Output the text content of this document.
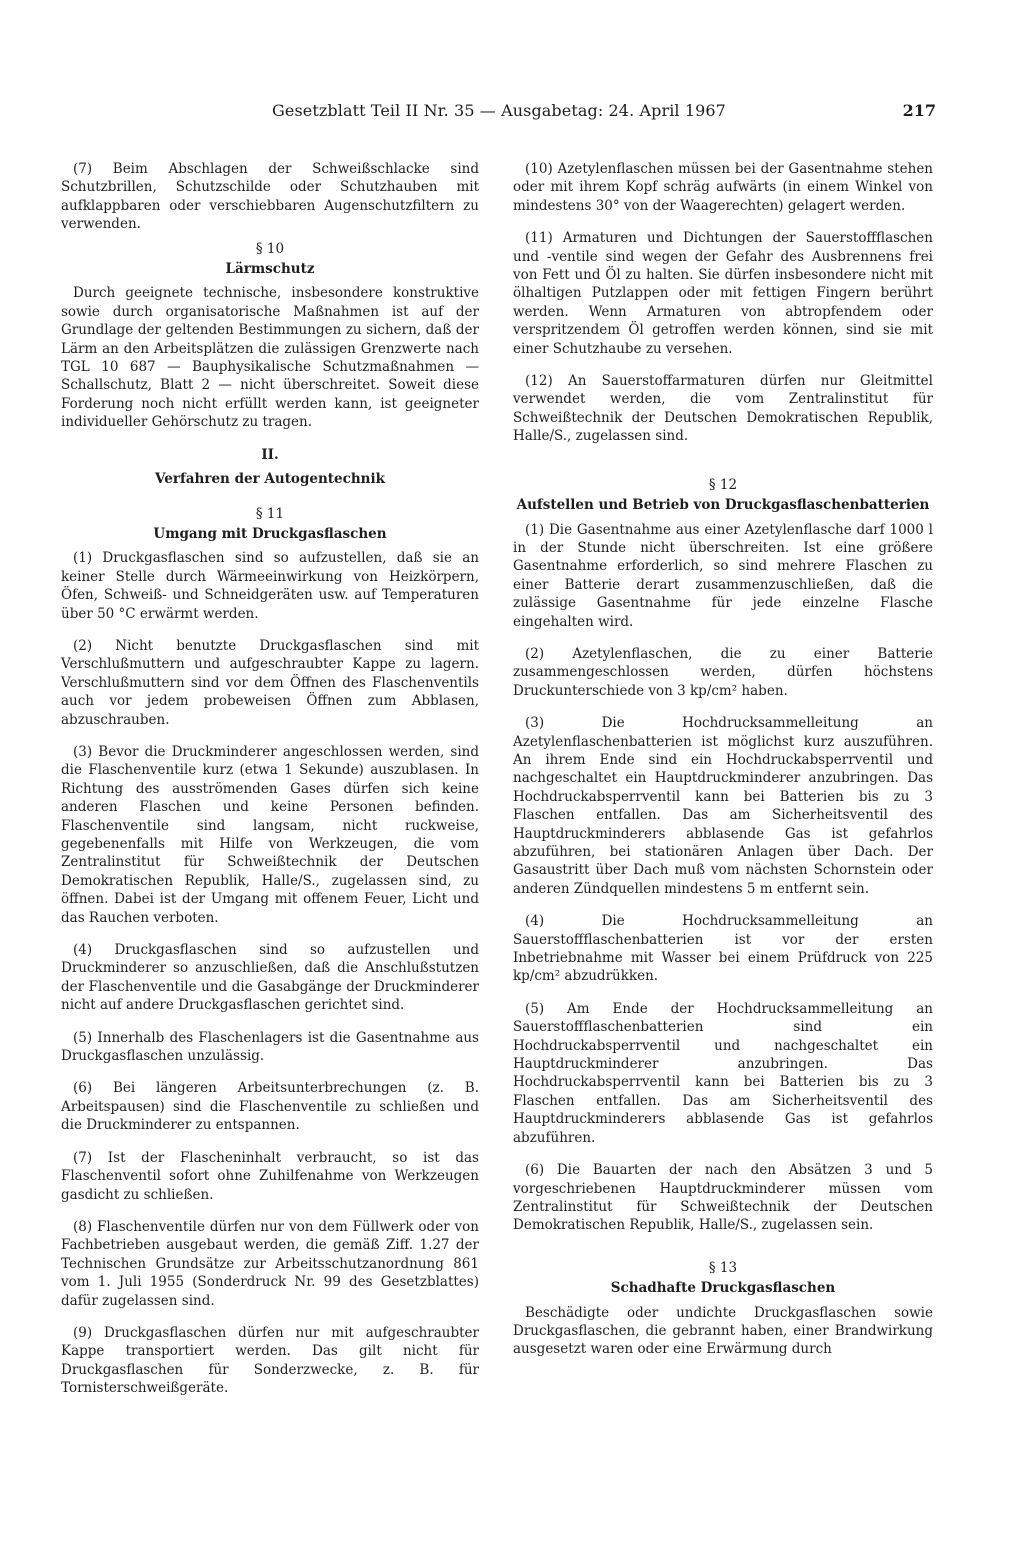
Gesetzblatt Teil II Nr. 35 — Ausgabetag: 24. April 1967	217

(7) Beim Abschlagen der Schweißschlacke sind Schutzbrillen, Schutzschilde oder Schutzhauben mit aufklappbaren oder verschiebbaren Augenschutzfiltern zu verwenden.

§ 10
Lärmschutz

Durch geeignete technische, insbesondere konstruktive sowie durch organisatorische Maßnahmen ist auf der Grundlage der geltenden Bestimmungen zu sichern, daß der Lärm an den Arbeitsplätzen die zulässigen Grenzwerte nach TGL 10 687 — Bauphysikalische Schutzmaßnahmen — Schallschutz, Blatt 2 — nicht überschreitet. Soweit diese Forderung noch nicht erfüllt werden kann, ist geeigneter individueller Gehörschutz zu tragen.

II.
Verfahren der Autogentechnik
§ 11
Umgang mit Druckgasflaschen

(1) Druckgasflaschen sind so aufzustellen, daß sie an keiner Stelle durch Wärmeeinwirkung von Heizkörpern, Öfen, Schweiß- und Schneidgeräten usw. auf Temperaturen über 50 °C erwärmt werden.

(2) Nicht benutzte Druckgasflaschen sind mit Verschlußmuttern und aufgeschraubter Kappe zu lagern. Verschlußmuttern sind vor dem Öffnen des Flaschenventils auch vor jedem probeweisen Öffnen zum Abblasen, abzuschrauben.

(3) Bevor die Druckminderer angeschlossen werden, sind die Flaschenventile kurz (etwa 1 Sekunde) auszublasen. In Richtung des ausströmenden Gases dürfen sich keine anderen Flaschen und keine Personen befinden. Flaschenventile sind langsam, nicht ruckweise, gegebenenfalls mit Hilfe von Werkzeugen, die vom Zentralinstitut für Schweißtechnik der Deutschen Demokratischen Republik, Halle/S., zugelassen sind, zu öffnen. Dabei ist der Umgang mit offenem Feuer, Licht und das Rauchen verboten.

(4) Druckgasflaschen sind so aufzustellen und Druckminderer so anzuschließen, daß die Anschlußstutzen der Flaschenventile und die Gasabgänge der Druckminderer nicht auf andere Druckgasflaschen gerichtet sind.

(5) Innerhalb des Flaschenlagers ist die Gasentnahme aus Druckgasflaschen unzulässig.

(6) Bei längeren Arbeitsunterbrechungen (z. B. Arbeitspausen) sind die Flaschenventile zu schließen und die Druckminderer zu entspannen.

(7) Ist der Flascheninhalt verbraucht, so ist das Flaschenventil sofort ohne Zuhilfenahme von Werkzeugen gasdicht zu schließen.

(8) Flaschenventile dürfen nur von dem Füllwerk oder von Fachbetrieben ausgebaut werden, die gemäß Ziff. 1.27 der Technischen Grundsätze zur Arbeitsschutzanordnung 861 vom 1. Juli 1955 (Sonderdruck Nr. 99 des Gesetzblattes) dafür zugelassen sind.

(9) Druckgasflaschen dürfen nur mit aufgeschraubter Kappe transportiert werden. Das gilt nicht für Druckgasflaschen für Sonderzwecke, z. B. für Tornisterschweißgeräte.

(10) Azetylenflaschen müssen bei der Gasentnahme stehen oder mit ihrem Kopf schräg aufwärts (in einem Winkel von mindestens 30° von der Waagerechten) gelagert werden.

(11) Armaturen und Dichtungen der Sauerstoffflaschen und -ventile sind wegen der Gefahr des Ausbrennens frei von Fett und Öl zu halten. Sie dürfen insbesondere nicht mit ölhaltigen Putzlappen oder mit fettigen Fingern berührt werden. Wenn Armaturen von abtropfendem oder verspritzendem Öl getroffen werden können, sind sie mit einer Schutzhaube zu versehen.

(12) An Sauerstoffarmaturen dürfen nur Gleitmittel verwendet werden, die vom Zentralinstitut für Schweißtechnik der Deutschen Demokratischen Republik, Halle/S., zugelassen sind.

§ 12
Aufstellen und Betrieb von Druckgasflaschenbatterien

(1) Die Gasentnahme aus einer Azetylenflasche darf 1000 l in der Stunde nicht überschreiten. Ist eine größere Gasentnahme erforderlich, so sind mehrere Flaschen zu einer Batterie derart zusammenzuschließen, daß die zulässige Gasentnahme für jede einzelne Flasche eingehalten wird.

(2) Azetylenflaschen, die zu einer Batterie zusammengeschlossen werden, dürfen höchstens Druckunterschiede von 3 kp/cm² haben.

(3) Die Hochdrucksammelleitung an Azetylenflaschenbatterien ist möglichst kurz auszuführen. An ihrem Ende sind ein Hochdruckabsperrventil und nachgeschaltet ein Hauptdruckminderer anzubringen. Das Hochdruckabsperrventil kann bei Batterien bis zu 3 Flaschen entfallen. Das am Sicherheitsventil des Hauptdruckminderers abblasende Gas ist gefahrlos abzuführen, bei stationären Anlagen über Dach. Der Gasaustritt über Dach muß vom nächsten Schornstein oder anderen Zündquellen mindestens 5 m entfernt sein.

(4) Die Hochdrucksammelleitung an Sauerstoffflaschenbatterien ist vor der ersten Inbetriebnahme mit Wasser bei einem Prüfdruck von 225 kp/cm² abzudrükken.

(5) Am Ende der Hochdrucksammelleitung an Sauerstoffflaschenbatterien sind ein Hochdruckabsperrventil und nachgeschaltet ein Hauptdruckminderer anzubringen. Das Hochdruckabsperrventil kann bei Batterien bis zu 3 Flaschen entfallen. Das am Sicherheitsventil des Hauptdruckminderers abblasende Gas ist gefahrlos abzuführen.

(6) Die Bauarten der nach den Absätzen 3 und 5 vorgeschriebenen Hauptdruckminderer müssen vom Zentralinstitut für Schweißtechnik der Deutschen Demokratischen Republik, Halle/S., zugelassen sein.

§ 13
Schadhafte Druckgasflaschen

Beschädigte oder undichte Druckgasflaschen sowie Druckgasflaschen, die gebrannt haben, einer Brandwirkung ausgesetzt waren oder eine Erwärmung durch
